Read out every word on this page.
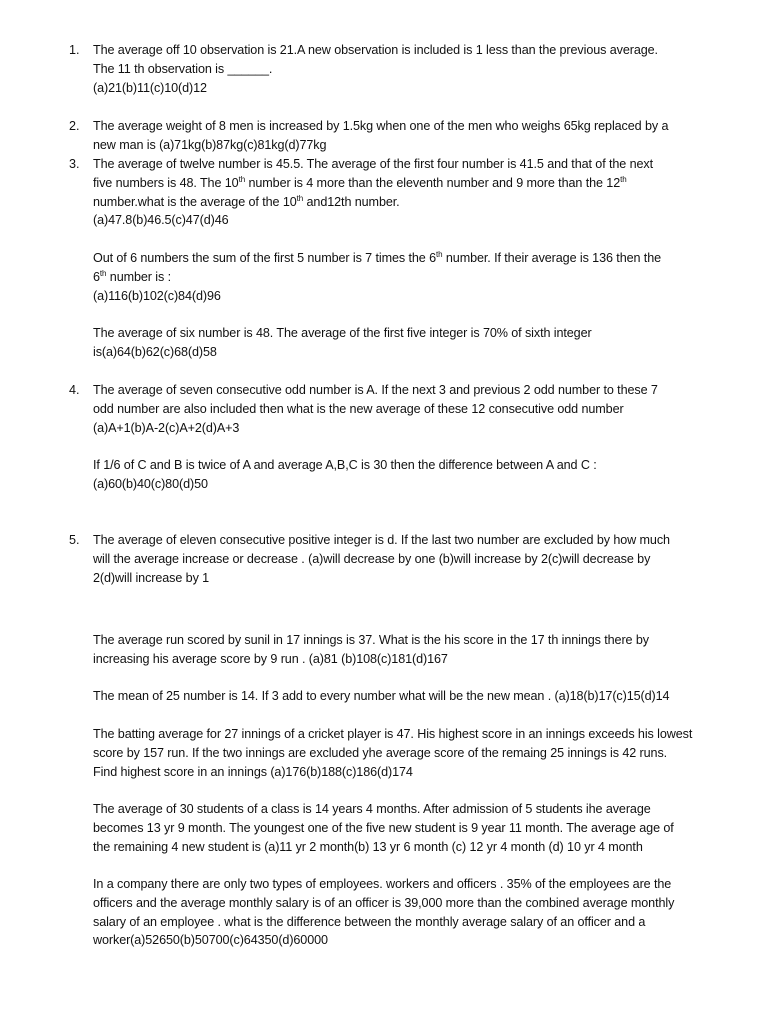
1. The average off 10 observation is 21.A new observation is included is 1 less than the previous average.
The 11 th observation is ______.
(a)21(b)11(c)10(d)12

2. The average weight of 8 men is increased by 1.5kg when one of the men who weighs 65kg replaced by a
new man is (a)71kg(b)87kg(c)81kg(d)77kg

3. The average of twelve number is 45.5. The average of the first four number is 41.5 and that of the next
five numbers is 48. The 10th number is 4 more than the eleventh number and 9 more than the 12th
number.what is the average of the 10th and12th number.
(a)47.8(b)46.5(c)47(d)46

Out of 6 numbers the sum of the first 5 number is 7 times the 6th number. If their average is 136 then the
6th number is :
(a)116(b)102(c)84(d)96

The average of six number is 48. The average of the first five integer is 70% of sixth integer
is(a)64(b)62(c)68(d)58

4. The average of seven consecutive odd number is A. If the next 3 and previous 2 odd number to these 7
odd number are also included then what is the new average of these 12 consecutive odd number
(a)A+1(b)A-2(c)A+2(d)A+3

If 1/6 of C and B is twice of A and average A,B,C is 30 then the difference between A and C :
(a)60(b)40(c)80(d)50

5. The average of eleven consecutive positive integer is d. If the last two number are excluded by how much
will the average increase or decrease . (a)will decrease by one (b)will increase by 2(c)will decrease by
2(d)will increase by 1

The average run scored by sunil in 17 innings is 37. What is the his score in the 17 th innings there by
increasing his average score by 9 run . (a)81 (b)108(c)181(d)167

The mean of 25 number is 14. If 3 add to every number what will be the new mean . (a)18(b)17(c)15(d)14

The batting average for 27 innings of a cricket player is 47. His highest score in an innings exceeds his lowest
score by 157 run. If the two innings are excluded yhe average score of the remaing 25 innings is 42 runs.
Find highest score in an innings (a)176(b)188(c)186(d)174

The average of 30 students of a class is 14 years 4 months. After admission of 5 students ihe average
becomes 13 yr 9 month. The youngest one of the five new student is 9 year 11 month. The average age of
the remaining 4 new student is (a)11 yr 2 month(b) 13 yr 6 month (c) 12 yr 4 month (d) 10 yr 4 month

In a company there are only two types of employees. workers and officers . 35% of the employees are the
officers and the average monthly salary is of an officer is 39,000 more than the combined average monthly
salary of an employee . what is the difference between the monthly average salary of an officer and a
worker(a)52650(b)50700(c)64350(d)60000
